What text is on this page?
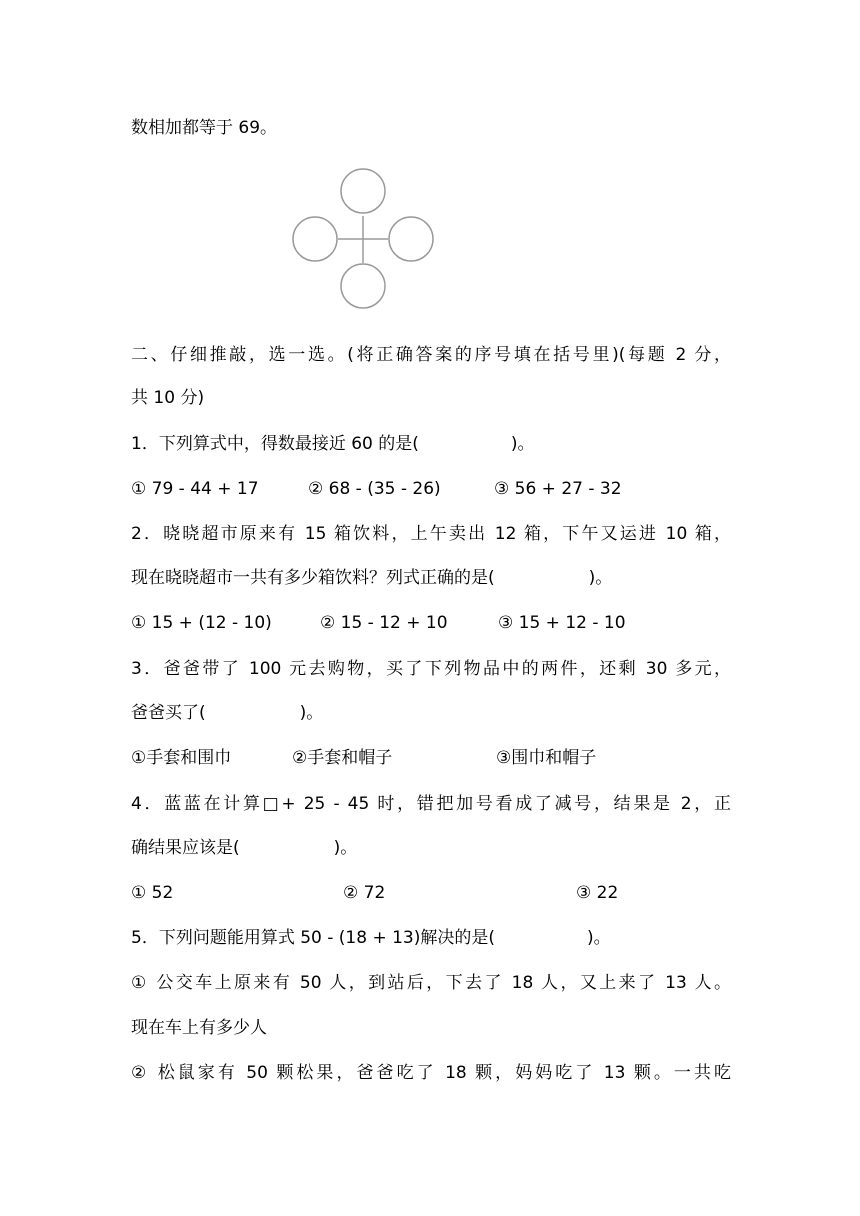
数相加都等于 69。

二、仔细推敲，选一选。(将正确答案的序号填在括号里)(每题 2 分，

共 10 分)

1．下列算式中，得数最接近 60 的是(	)。

① 79 - 44 + 17	② 68 - (35 - 26)	③ 56 + 27 - 32

2．晓晓超市原来有 15 箱饮料，上午卖出 12 箱，下午又运进 10 箱，

现在晓晓超市一共有多少箱饮料？列式正确的是(	)。

① 15 + (12 - 10)	② 15 - 12 + 10	③ 15 + 12 - 10

3．爸爸带了 100 元去购物，买了下列物品中的两件，还剩 30 多元，

爸爸买了(	)。

①手套和围巾	②手套和帽子	③围巾和帽子

4．蓝蓝在计算□+ 25 - 45 时，错把加号看成了减号，结果是 2，正

确结果应该是(	)。

① 52	② 72	③ 22

5．下列问题能用算式 50 - (18 + 13)解决的是(	)。

① 公交车上原来有 50 人，到站后，下去了 18 人，又上来了 13 人。

现在车上有多少人

② 松鼠家有 50 颗松果，爸爸吃了 18 颗，妈妈吃了 13 颗。一共吃
